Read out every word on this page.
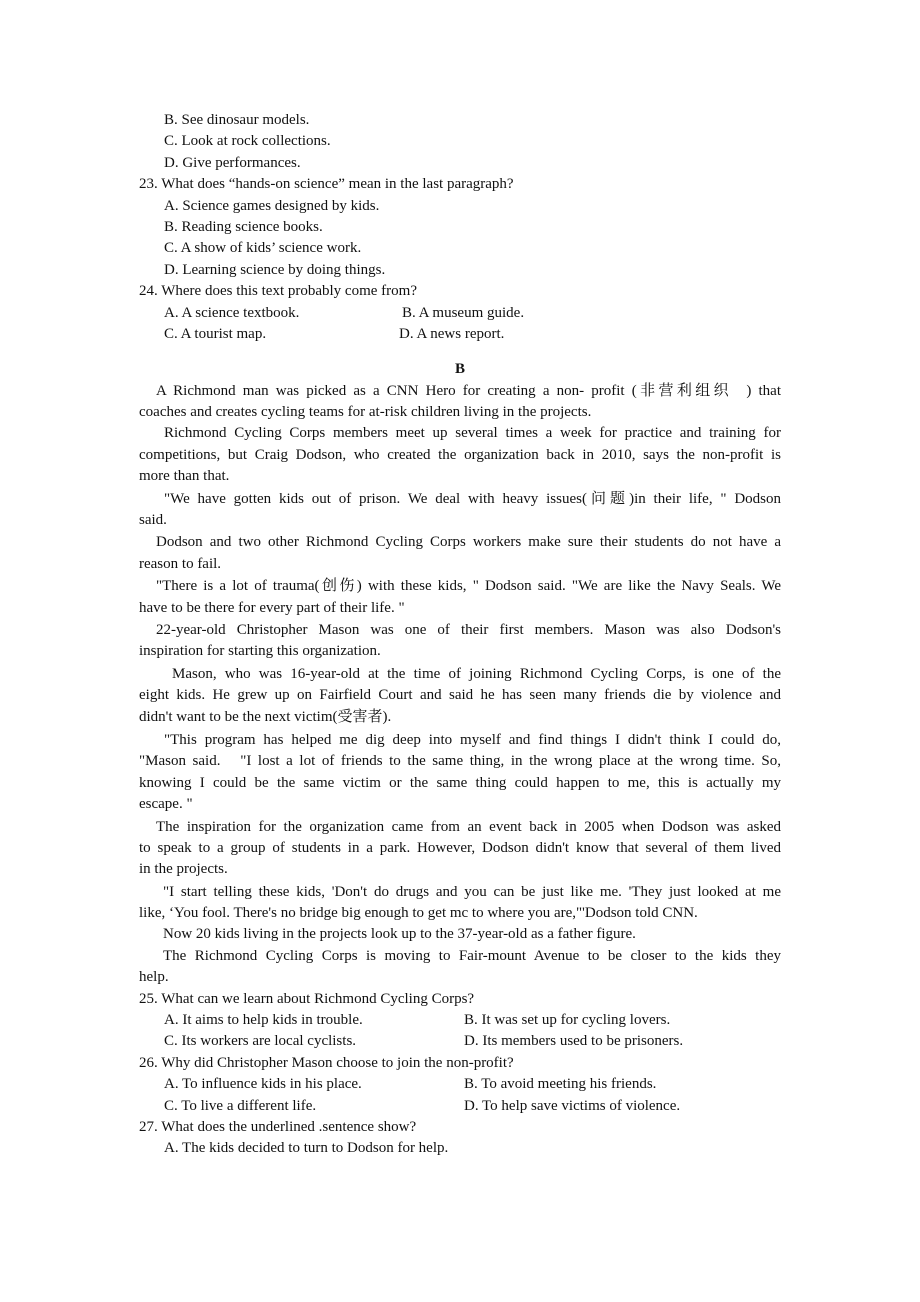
B. See dinosaur models.
C. Look at rock collections.
D. Give performances.
23. What does “hands-on science” mean in the last paragraph?
A. Science games designed by kids.
B. Reading science books.
C. A show of kids’ science work.
D. Learning science by doing things.
24. Where does this text probably come from?
A. A science textbook.	B. A museum guide.
C. A tourist map.	D. A news report.
B
A Richmond man was picked as a CNN Hero for creating a non- profit (非营利组织  ) that
coaches and creates cycling teams for at-risk children living in the projects.
Richmond Cycling Corps members meet up several times a week for practice and training for
competitions, but Craig Dodson, who created the organization back in 2010, says the non-profit is
more than that.
"We have gotten kids out of prison. We deal with heavy issues(问题)in their life, " Dodson
said.
Dodson and two other Richmond Cycling Corps workers make sure their students do not have a
reason to fail.
"There is a lot of trauma(创伤) with these kids, " Dodson said. "We are like the Navy Seals. We
have to be there for every part of their life. "
22-year-old Christopher Mason was one of their first members. Mason was also Dodson's
inspiration for starting this organization.
Mason, who was 16-year-old at the time of joining Richmond Cycling Corps, is one of the
eight kids. He grew up on Fairfield Court and said he has seen many friends die by violence and
didn't want to be the next victim(受害者).
"This program has helped me dig deep into myself and find things I didn't think I could do,
"Mason said.   "I lost a lot of friends to the same thing, in the wrong place at the wrong time. So,
knowing I could be the same victim or the same thing could happen to me, this is actually my
escape. "
The inspiration for the organization came from an event back in 2005 when Dodson was asked
to speak to a group of students in a park. However, Dodson didn't know that several of them lived
in the projects.
"I start telling these kids, 'Don't do drugs and you can be just like me. 'They just looked at me
like, ‘You fool. There's no bridge big enough to get mc to where you are,"'Dodson told CNN.
Now 20 kids living in the projects look up to the 37-year-old as a father figure.
The Richmond Cycling Corps is moving to Fair-mount Avenue to be closer to the kids they
help.
25. What can we learn about Richmond Cycling Corps?
A. It aims to help kids in trouble.	B. It was set up for cycling lovers.
C. Its workers are local cyclists.	D. Its members used to be prisoners.
26. Why did Christopher Mason choose to join the non-profit?
A. To influence kids in his place.	B. To avoid meeting his friends.
C. To live a different life.	D. To help save victims of violence.
27. What does the underlined .sentence show?
A. The kids decided to turn to Dodson for help.
